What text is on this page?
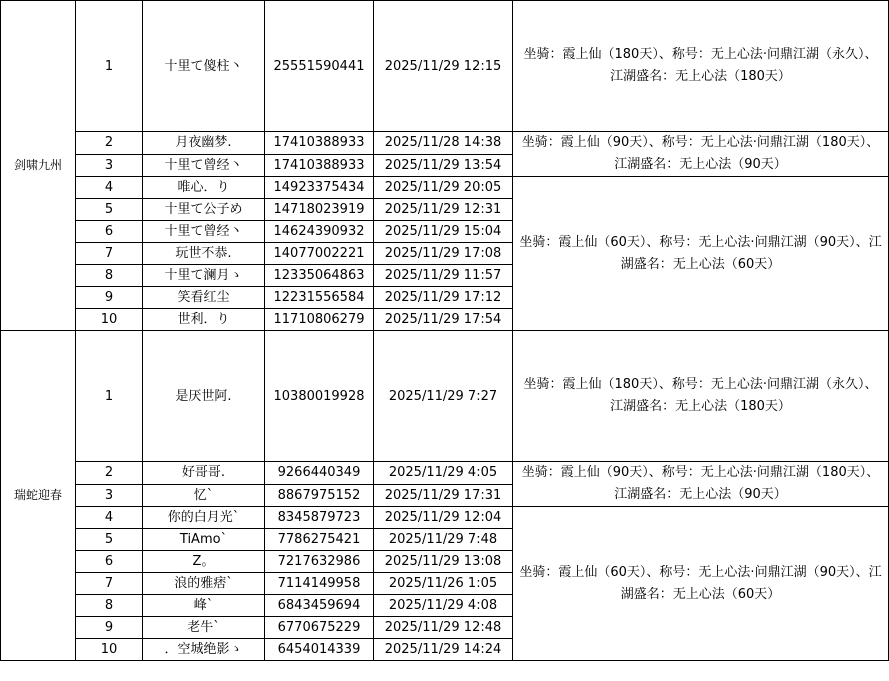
剑啸九州	1	十里て傻柱丶	25551590441	2025/11/29 12:15	坐骑：霞上仙（180天）、称号：无上心法·问鼎江湖（永久）、江湖盛名：无上心法（180天）
	2	月夜幽梦.	17410388933	2025/11/28 14:38	坐骑：霞上仙（90天）、称号：无上心法·问鼎江湖（180天）、江湖盛名：无上心法（90天）
	3	十里て曾经丶	17410388933	2025/11/29 13:54	
	4	唯心．り	14923375434	2025/11/29 20:05	坐骑：霞上仙（60天）、称号：无上心法·问鼎江湖（90天）、江湖盛名：无上心法（60天）
	5	十里て公子め	14718023919	2025/11/29 12:31	
	6	十里て曾经丶	14624390932	2025/11/29 15:04	
	7	玩世不恭.	14077002221	2025/11/29 17:08	
	8	十里て澜月ゝ	12335064863	2025/11/29 11:57	
	9	笑看红尘	12231556584	2025/11/29 17:12	
	10	世利．り	11710806279	2025/11/29 17:54	
瑞蛇迎春	1	是厌世阿.	10380019928	2025/11/29 7:27	坐骑：霞上仙（180天）、称号：无上心法·问鼎江湖（永久）、江湖盛名：无上心法（180天）
	2	好哥哥.	9266440349	2025/11/29 4:05	坐骑：霞上仙（90天）、称号：无上心法·问鼎江湖（180天）、江湖盛名：无上心法（90天）
	3	忆`	8867975152	2025/11/29 17:31	
	4	你的白月光`	8345879723	2025/11/29 12:04	坐骑：霞上仙（60天）、称号：无上心法·问鼎江湖（90天）、江湖盛名：无上心法（60天）
	5	TiAmo`	7786275421	2025/11/29 7:48	
	6	Z。	7217632986	2025/11/29 13:08	
	7	浪的雅痞`	7114149958	2025/11/26 1:05	
	8	峰`	6843459694	2025/11/29 4:08	
	9	老牛`	6770675229	2025/11/29 12:48	
	10	．空城绝影ゝ	6454014339	2025/11/29 14:24	
